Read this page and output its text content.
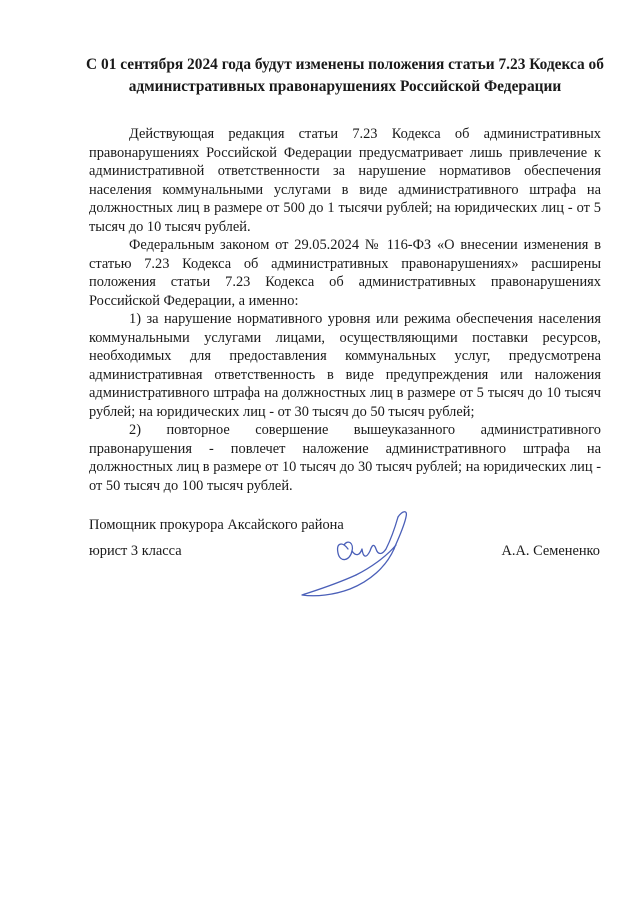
С 01 сентября 2024 года будут изменены положения статьи 7.23 Кодекса об административных правонарушениях Российской Федерации

Действующая редакция статьи 7.23 Кодекса об административных правонарушениях Российской Федерации предусматривает лишь привлечение к административной ответственности за нарушение нормативов обеспечения населения коммунальными услугами в виде административного штрафа на должностных лиц в размере от 500 до 1 тысячи рублей; на юридических лиц - от 5 тысяч до 10 тысяч рублей.

Федеральным законом от 29.05.2024 № 116-ФЗ «О внесении изменения в статью 7.23 Кодекса об административных правонарушениях» расширены положения статьи 7.23 Кодекса об административных правонарушениях Российской Федерации, а именно:

1) за нарушение нормативного уровня или режима обеспечения населения коммунальными услугами лицами, осуществляющими поставки ресурсов, необходимых для предоставления коммунальных услуг, предусмотрена административная ответственность в виде предупреждения или наложения административного штрафа на должностных лиц в размере от 5 тысяч до 10 тысяч рублей; на юридических лиц - от 30 тысяч до 50 тысяч рублей;

2) повторное совершение вышеуказанного административного правонарушения - повлечет наложение административного штрафа на должностных лиц в размере от 10 тысяч до 30 тысяч рублей; на юридических лиц - от 50 тысяч до 100 тысяч рублей.

Помощник прокурора Аксайского района
юрист 3 класса	А.А. Семененко
